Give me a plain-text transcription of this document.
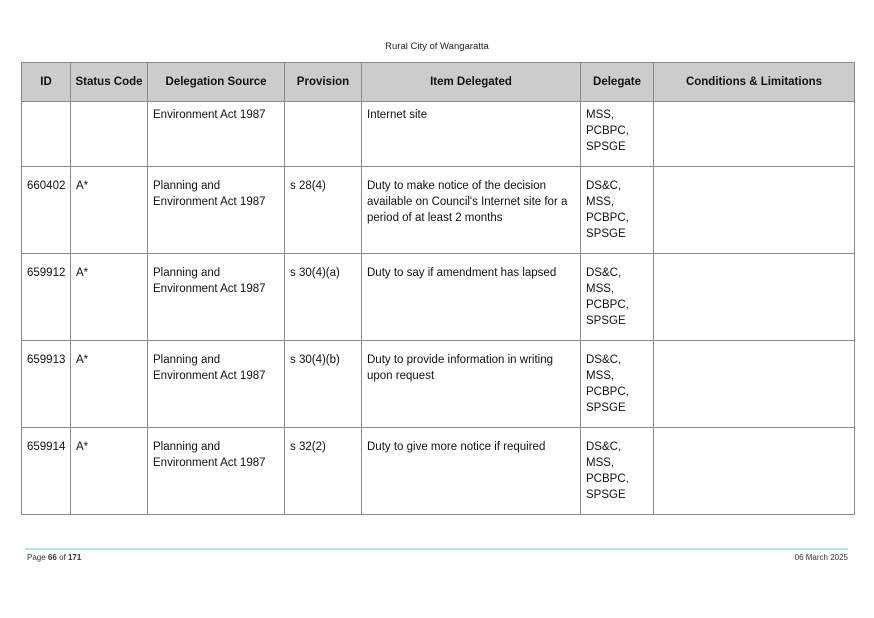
Rural City of Wangaratta
ID	Status Code	Delegation Source	Provision	Item Delegated	Delegate	Conditions & Limitations
		Environment Act 1987		Internet site	MSS,
PCBPC,
SPSGE	

660402	A*	Planning and Environment Act 1987	s 28(4)	Duty to make notice of the decision available on Council's Internet site for a period of at least 2 months	DS&C,
MSS,
PCBPC,
SPSGE	

659912	A*	Planning and Environment Act 1987	s 30(4)(a)	Duty to say if amendment has lapsed	DS&C,
MSS,
PCBPC,
SPSGE	

659913	A*	Planning and Environment Act 1987	s 30(4)(b)	Duty to provide information in writing upon request	DS&C,
MSS,
PCBPC,
SPSGE	

659914	A*	Planning and Environment Act 1987	s 32(2)	Duty to give more notice if required	DS&C,
MSS,
PCBPC,
SPSGE	

Page 66 of 171	06 March 2025
